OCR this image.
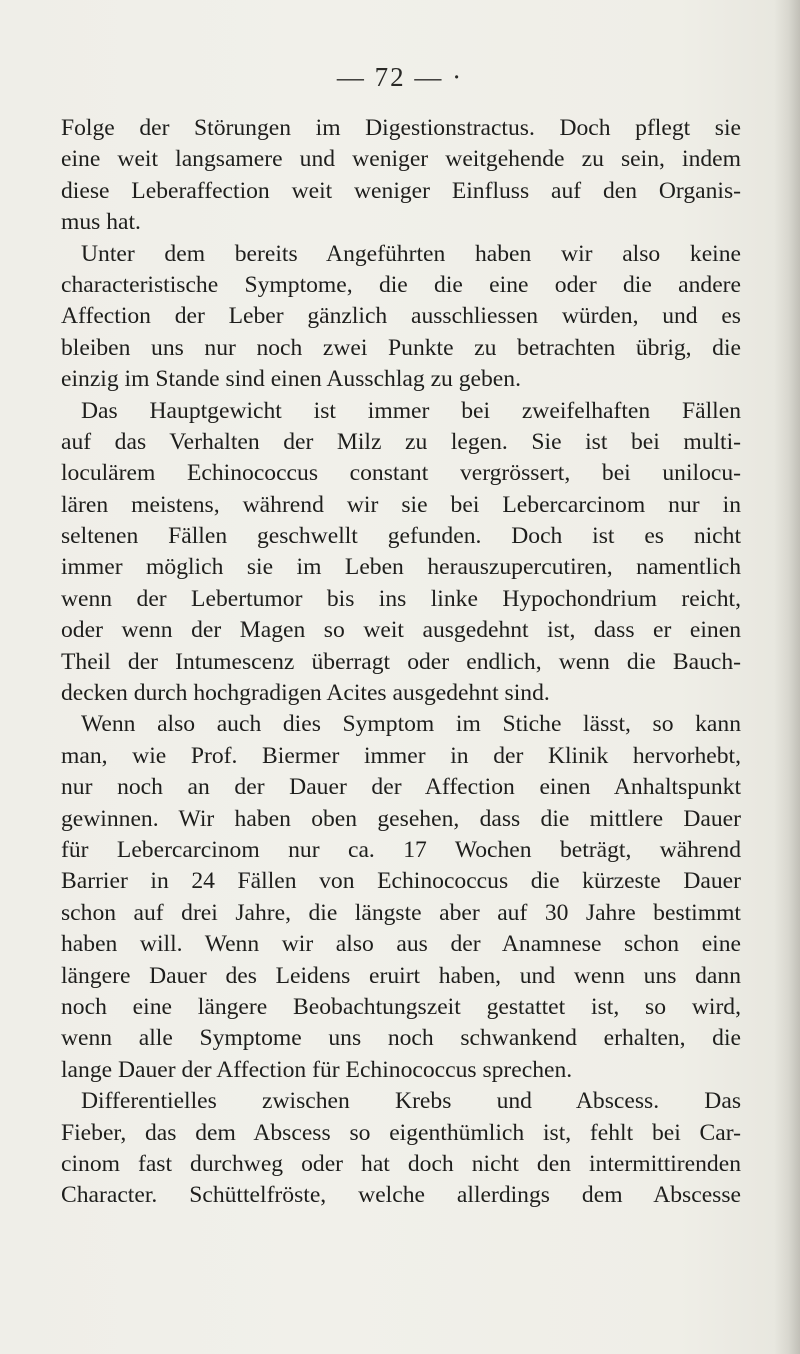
— 72 — ·
Folge der Störungen im Digestionstractus. Doch pflegt sie
eine weit langsamere und weniger weitgehende zu sein, indem
diese Leberaffection weit weniger Einfluss auf den Organis-
mus hat.
Unter dem bereits Angeführten haben wir also keine
characteristische Symptome, die die eine oder die andere
Affection der Leber gänzlich ausschliessen würden, und es
bleiben uns nur noch zwei Punkte zu betrachten übrig, die
einzig im Stande sind einen Ausschlag zu geben.
Das Hauptgewicht ist immer bei zweifelhaften Fällen
auf das Verhalten der Milz zu legen. Sie ist bei multi-
loculärem Echinococcus constant vergrössert, bei unilocu-
lären meistens, während wir sie bei Lebercarcinom nur in
seltenen Fällen geschwellt gefunden. Doch ist es nicht
immer möglich sie im Leben herauszupercutiren, namentlich
wenn der Lebertumor bis ins linke Hypochondrium reicht,
oder wenn der Magen so weit ausgedehnt ist, dass er einen
Theil der Intumescenz überragt oder endlich, wenn die Bauch-
decken durch hochgradigen Acites ausgedehnt sind.
Wenn also auch dies Symptom im Stiche lässt, so kann
man, wie Prof. Biermer immer in der Klinik hervorhebt,
nur noch an der Dauer der Affection einen Anhaltspunkt
gewinnen. Wir haben oben gesehen, dass die mittlere Dauer
für Lebercarcinom nur ca. 17 Wochen beträgt, während
Barrier in 24 Fällen von Echinococcus die kürzeste Dauer
schon auf drei Jahre, die längste aber auf 30 Jahre bestimmt
haben will. Wenn wir also aus der Anamnese schon eine
längere Dauer des Leidens eruirt haben, und wenn uns dann
noch eine längere Beobachtungszeit gestattet ist, so wird,
wenn alle Symptome uns noch schwankend erhalten, die
lange Dauer der Affection für Echinococcus sprechen.
Differentielles zwischen Krebs und Abscess. Das
Fieber, das dem Abscess so eigenthümlich ist, fehlt bei Car-
cinom fast durchweg oder hat doch nicht den intermittirenden
Character. Schüttelfröste, welche allerdings dem Abscesse
